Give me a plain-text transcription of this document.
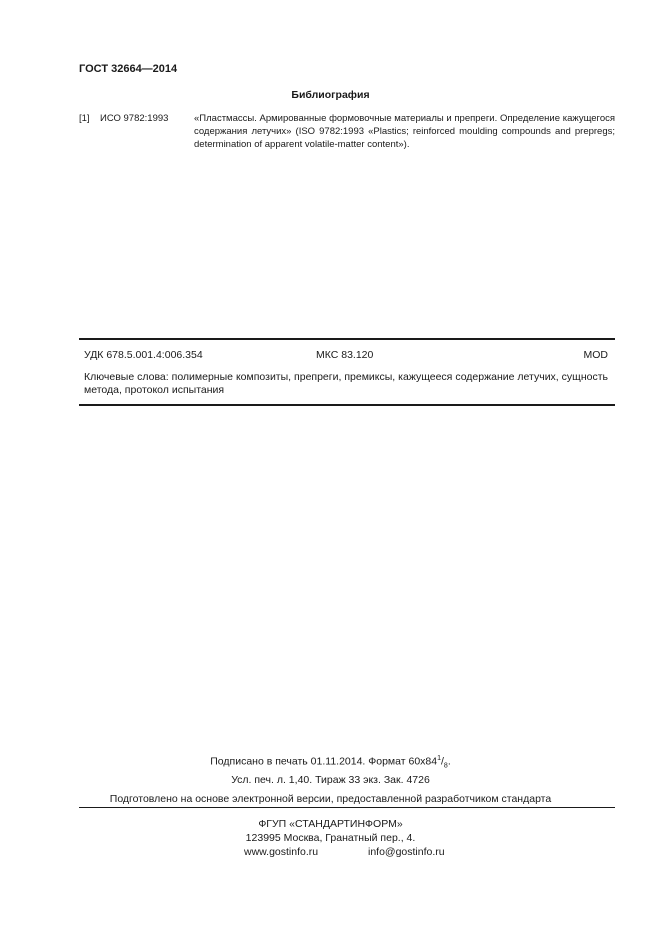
ГОСТ 32664—2014
Библиография
[1] ИСО 9782:1993	«Пластмассы. Армированные формовочные материалы и препреги. Определение кажущегося содержания летучих» (ISO 9782:1993 «Plastics; reinforced moulding compounds and prepregs; determination of apparent volatile-matter content»).
УДК 678.5.001.4:006.354	МКС 83.120	MOD
Ключевые слова: полимерные композиты, препреги, премиксы, кажущееся содержание летучих, сущность метода, протокол испытания
Подписано в печать 01.11.2014. Формат $60x84^1/_8$.
Усл. печ. л. 1,40. Тираж 33 экз. Зак. 4726
Подготовлено на основе электронной версии, предоставленной разработчиком стандарта
ФГУП «СТАНДАРТИНФОРМ»
123995 Москва, Гранатный пер., 4.
www.gostinfo.ru	info@gostinfo.ru
